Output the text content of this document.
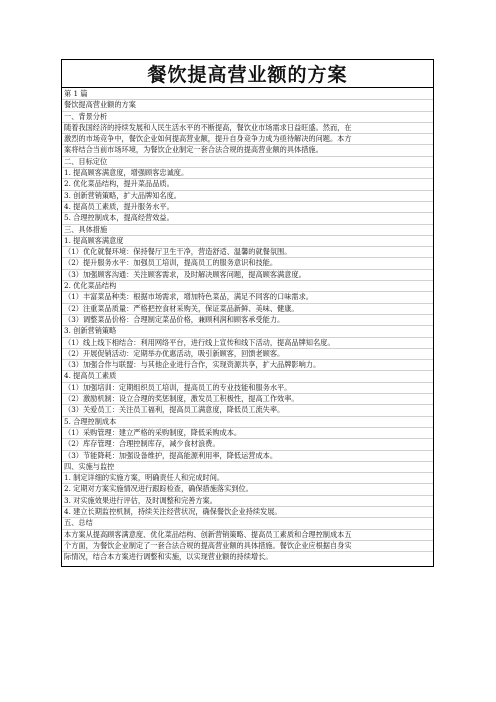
餐饮提高营业额的方案
第 1 篇
餐饮提高营业额的方案
一、背景分析
随着我国经济的持续发展和人民生活水平的不断提高，餐饮业市场需求日益旺盛。然而，在
激烈的市场竞争中，餐饮企业如何提高营业额，提升自身竞争力成为亟待解决的问题。本方
案将结合当前市场环境，为餐饮企业制定一套合法合规的提高营业额的具体措施。
二、目标定位
1. 提高顾客满意度，增强顾客忠诚度。
2. 优化菜品结构，提升菜品品质。
3. 创新营销策略，扩大品牌知名度。
4. 提高员工素质，提升服务水平。
5. 合理控制成本，提高经营效益。
三、具体措施
1. 提高顾客满意度
（1）优化就餐环境：保持餐厅卫生干净，营造舒适、温馨的就餐氛围。
（2）提升服务水平：加强员工培训，提高员工的服务意识和技能。
（3）加强顾客沟通：关注顾客需求，及时解决顾客问题，提高顾客满意度。
2. 优化菜品结构
（1）丰富菜品种类：根据市场需求，增加特色菜品，满足不同客的口味需求。
（2）注重菜品质量：严格把控食材采购关，保证菜品新鲜、美味、健康。
（3）调整菜品价格：合理制定菜品价格，兼顾利润和顾客承受能力。
3. 创新营销策略
（1）线上线下相结合：利用网络平台，进行线上宣传和线下活动，提高品牌知名度。
（2）开展促销活动：定期举办优惠活动，吸引新顾客，回馈老顾客。
（3）加强合作与联盟：与其他企业进行合作，实现资源共享，扩大品牌影响力。
4. 提高员工素质
（1）加强培训：定期组织员工培训，提高员工的专业技能和服务水平。
（2）激励机制：设立合理的奖惩制度，激发员工积极性，提高工作效率。
（3）关爱员工：关注员工福利，提高员工满意度，降低员工流失率。
5. 合理控制成本
（1）采购管理：建立严格的采购制度，降低采购成本。
（2）库存管理：合理控制库存，减少食材浪费。
（3）节能降耗：加强设备维护，提高能源利用率，降低运营成本。
四、实施与监控
1. 制定详细的实施方案，明确责任人和完成时间。
2. 定期对方案实施情况进行跟踪检查，确保措施落实到位。
3. 对实施效果进行评估，及时调整和完善方案。
4. 建立长期监控机制，持续关注经营状况，确保餐饮企业持续发展。
五、总结
本方案从提高顾客满意度、优化菜品结构、创新营销策略、提高员工素质和合理控制成本五
个方面，为餐饮企业制定了一套合法合规的提高营业额的具体措施。餐饮企业应根据自身实
际情况，结合本方案进行调整和实施，以实现营业额的持续增长。
